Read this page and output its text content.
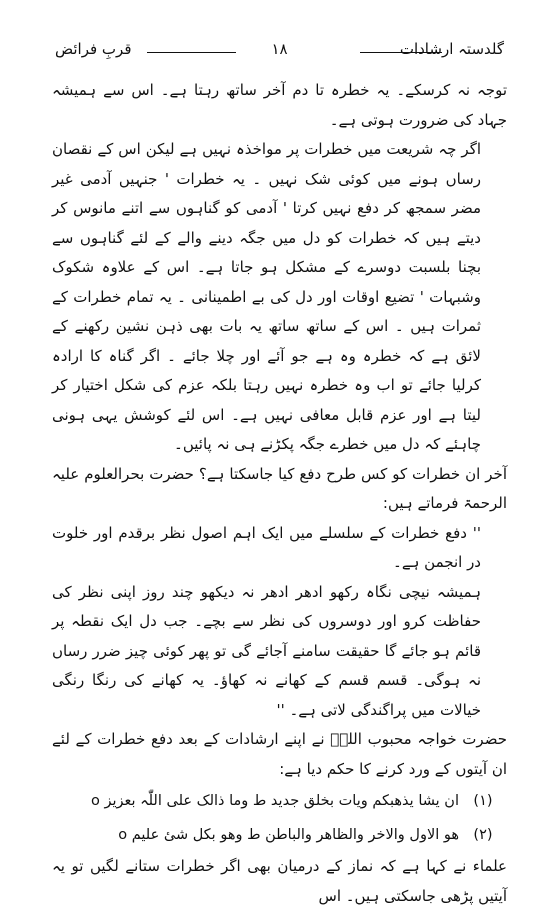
گلدستہ ارشادات
۱۸
قربِ فرائض

توجہ نہ کرسکے۔ یہ خطرہ تا دم آخر ساتھ رہتا ہے۔ اس سے ہمیشہ جہاد کی ضرورت ہوتی ہے۔

اگر چہ شریعت میں خطرات پر مواخذہ نہیں ہے لیکن اس کے نقصان رساں ہونے میں کوئی شک نہیں ۔ یہ خطرات ' جنہیں آدمی غیر مضر سمجھ کر دفع نہیں کرتا ' آدمی کو گناہوں سے اتنے مانوس کر دیتے ہیں کہ خطرات کو دل میں جگہ دینے والے کے لئے گناہوں سے بچنا بلسبت دوسرے کے مشکل ہو جاتا ہے۔ اس کے علاوہ شکوک وشبہات ' تضیع اوقات اور دل کی بے اطمینانی ۔ یہ تمام خطرات کے ثمرات ہیں ۔ اس کے ساتھ ساتھ یہ بات بھی ذہن نشین رکھنے کے لائق ہے کہ خطرہ وہ ہے جو آئے اور چلا جائے ۔ اگر گناہ کا ارادہ کرلیا جائے تو اب وہ خطرہ نہیں رہتا بلکہ عزم کی شکل اختیار کر لیتا ہے اور عزم قابل معافی نہیں ہے۔ اس لئے کوشش یہی ہونی چاہئے کہ دل میں خطرے جگہ پکڑنے ہی نہ پائیں۔

آخر ان خطرات کو کس طرح دفع کیا جاسکتا ہے؟ حضرت بحرالعلوم علیہ الرحمۃ فرماتے ہیں:

'' دفع خطرات کے سلسلے میں ایک اہم اصول نظر برقدم اور خلوت در انجمن ہے۔

ہمیشہ نیچی نگاہ رکھو ادھر ادھر نہ دیکھو چند روز اپنی نظر کی حفاظت کرو اور دوسروں کی نظر سے بچے۔ جب دل ایک نقطہ پر قائم ہو جائے گا حقیقت سامنے آجائے گی تو پھر کوئی چیز ضرر رساں نہ ہوگی۔ قسم قسم کے کھانے نہ کھاؤ۔ یہ کھانے کی رنگا رنگی خیالات میں پراگندگی لاتی ہے۔ ''

حضرت خواجہ محبوب اللہؒ نے اپنے ارشادات کے بعد دفع خطرات کے لئے ان آیتوں کے ورد کرنے کا حکم دیا ہے:

(۱)
ان یشا یذھبکم ویات بخلق جدید ط وما ذالک علی اللّٰہ بعزیز o
(۲)
ھو الاول والاخر والظاھر والباطن ط وھو بکل شیٔ علیم o

علماء نے کہا ہے کہ نماز کے درمیان بھی اگر خطرات ستانے لگیں تو یہ آیتیں پڑھی جاسکتی ہیں۔ اس
